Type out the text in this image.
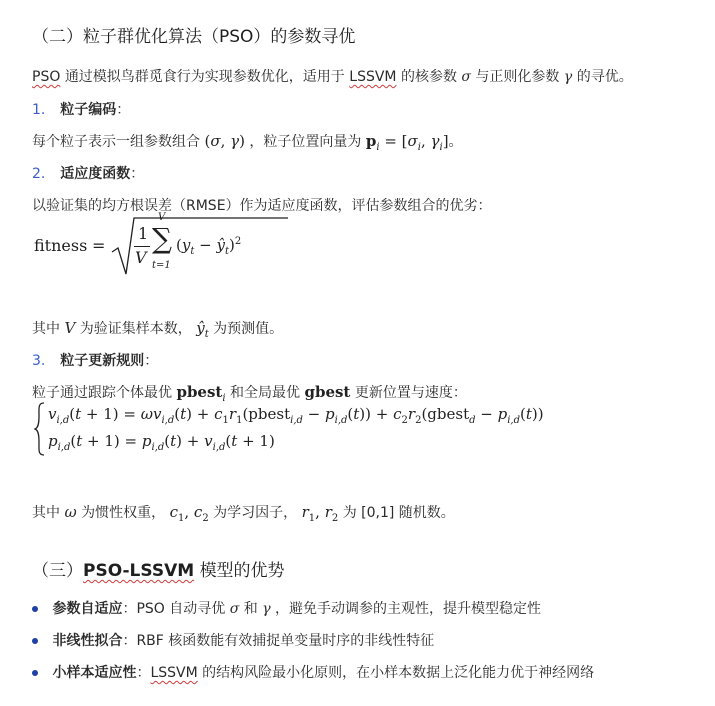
（二）粒子群优化算法（PSO）的参数寻优
PSO 通过模拟鸟群觅食行为实现参数优化，适用于 LSSVM 的核参数 σ 与正则化参数 γ 的寻优。
1. 粒子编码：
每个粒子表示一组参数组合 (σ, γ) ，粒子位置向量为 $p_i = [\sigma_i$, $\gamma_i$]。
2. 适应度函数：
以验证集的均方根误差（RMSE）作为适应度函数，评估参数组合的优劣：
fitness =
1
V
V
∑
t=1
($y_t$ − $ŷ_t)^2$
其中 V 为验证集样本数， $ŷ_t$ 为预测值。
3. 粒子更新规则：
粒子通过跟踪个体最优 pbest$_i$ 和全局最优 gbest 更新位置与速度：
$v_{i,d}(t + 1) = \omega v_{i,d}(t)$ + $c_1r_1(pbest_{i,d} - p_{i,d}(t))$ + $c_2r_2(gbest_d - p_{i,d}(t))$
$p_{i,d}(t + 1) = p_{i,d}(t) + v_{i,d}(t + 1)$
其中 ω 为惯性权重， $c_1$, $c_2$ 为学习因子， $r_1$, $r_2$ 为 [0,1] 随机数。
（三）PSO-LSSVM 模型的优势
参数自适应：PSO 自动寻优 σ 和 γ ，避免手动调参的主观性，提升模型稳定性
非线性拟合：RBF 核函数能有效捕捉单变量时序的非线性特征
小样本适应性：LSSVM 的结构风险最小化原则，在小样本数据上泛化能力优于神经网络
